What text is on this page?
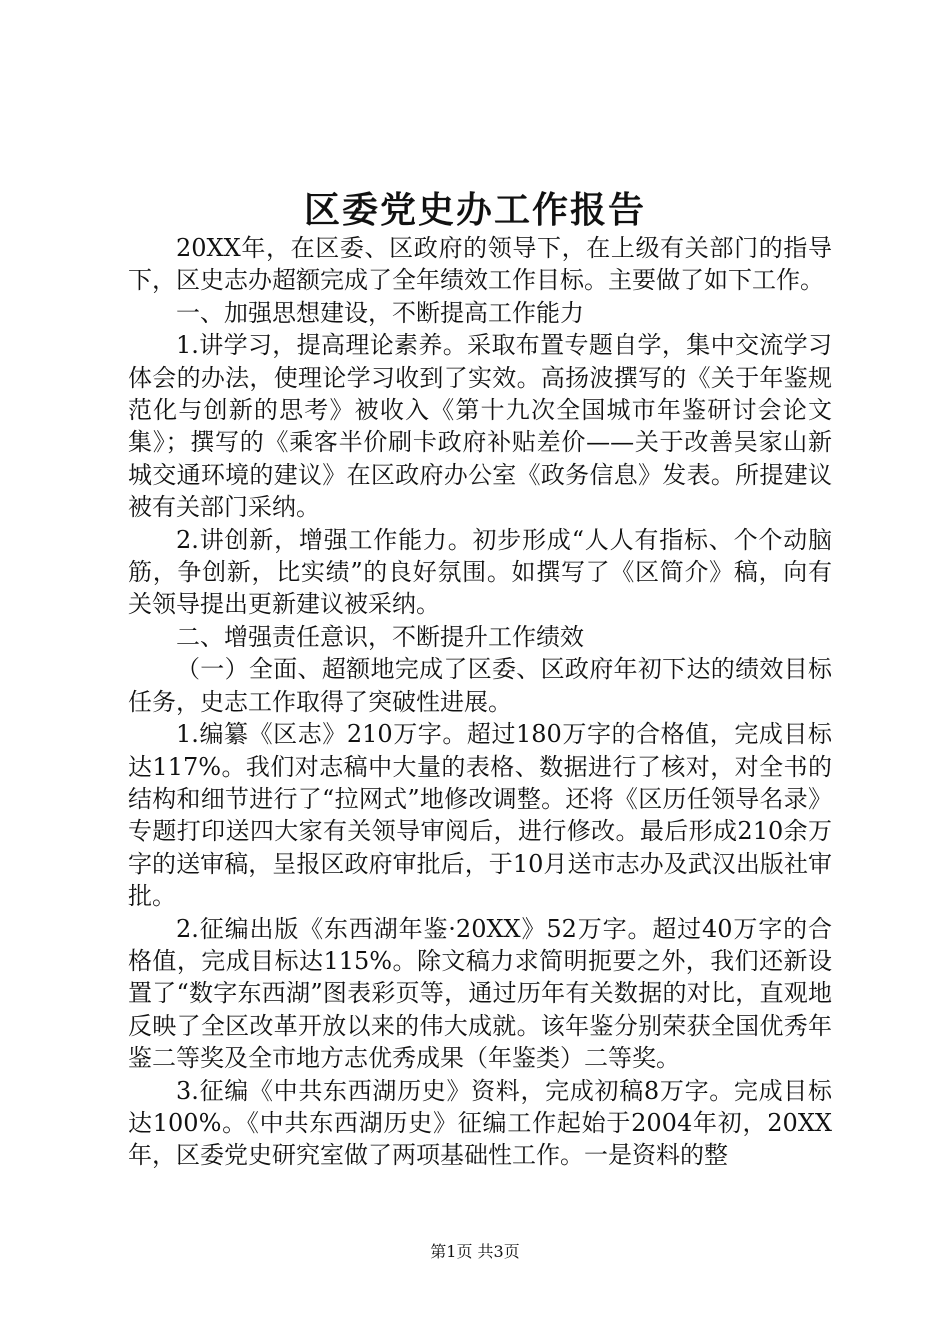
区委党史办工作报告

20XX年，在区委、区政府的领导下，在上级有关部门的指导下，区史志办超额完成了全年绩效工作目标。主要做了如下工作。

一、加强思想建设，不断提高工作能力

1.讲学习，提高理论素养。采取布置专题自学，集中交流学习体会的办法，使理论学习收到了实效。高扬波撰写的《关于年鉴规范化与创新的思考》被收入《第十九次全国城市年鉴研讨会论文集》；撰写的《乘客半价刷卡政府补贴差价——关于改善吴家山新城交通环境的建议》在区政府办公室《政务信息》发表。所提建议被有关部门采纳。

2.讲创新，增强工作能力。初步形成“人人有指标、个个动脑筋，争创新，比实绩”的良好氛围。如撰写了《区简介》稿，向有关领导提出更新建议被采纳。

二、增强责任意识，不断提升工作绩效

（一）全面、超额地完成了区委、区政府年初下达的绩效目标任务，史志工作取得了突破性进展。

1.编纂《区志》210万字。超过180万字的合格值，完成目标达117%。我们对志稿中大量的表格、数据进行了核对，对全书的结构和细节进行了“拉网式”地修改调整。还将《区历任领导名录》专题打印送四大家有关领导审阅后，进行修改。最后形成210余万字的送审稿，呈报区政府审批后，于10月送市志办及武汉出版社审批。

2.征编出版《东西湖年鉴·20XX》52万字。超过40万字的合格值，完成目标达115%。除文稿力求简明扼要之外，我们还新设置了“数字东西湖”图表彩页等，通过历年有关数据的对比，直观地反映了全区改革开放以来的伟大成就。该年鉴分别荣获全国优秀年鉴二等奖及全市地方志优秀成果（年鉴类）二等奖。

3.征编《中共东西湖历史》资料，完成初稿8万字。完成目标达100%。《中共东西湖历史》征编工作起始于2004年初，20XX年，区委党史研究室做了两项基础性工作。一是资料的整

第1页 共3页
